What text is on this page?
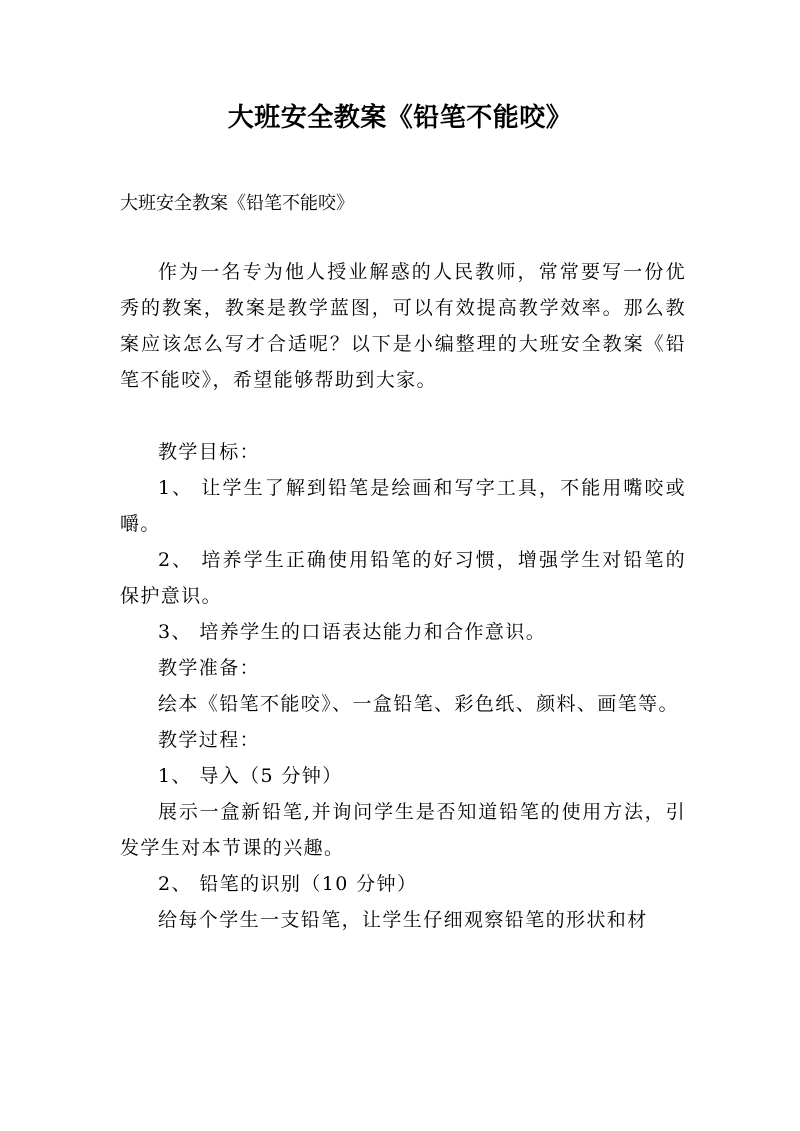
大班安全教案《铅笔不能咬》
大班安全教案《铅笔不能咬》

作为一名专为他人授业解惑的人民教师，常常要写一份优秀的教案，教案是教学蓝图，可以有效提高教学效率。那么教案应该怎么写才合适呢？以下是小编整理的大班安全教案《铅笔不能咬》，希望能够帮助到大家。

教学目标：

1、 让学生了解到铅笔是绘画和写字工具，不能用嘴咬或嚼。

2、 培养学生正确使用铅笔的好习惯，增强学生对铅笔的保护意识。

3、 培养学生的口语表达能力和合作意识。

教学准备：

绘本《铅笔不能咬》、一盒铅笔、彩色纸、颜料、画笔等。

教学过程：

1、 导入（5 分钟）

展示一盒新铅笔,并询问学生是否知道铅笔的使用方法，引发学生对本节课的兴趣。

2、 铅笔的识别（10 分钟）

给每个学生一支铅笔，让学生仔细观察铅笔的形状和材
